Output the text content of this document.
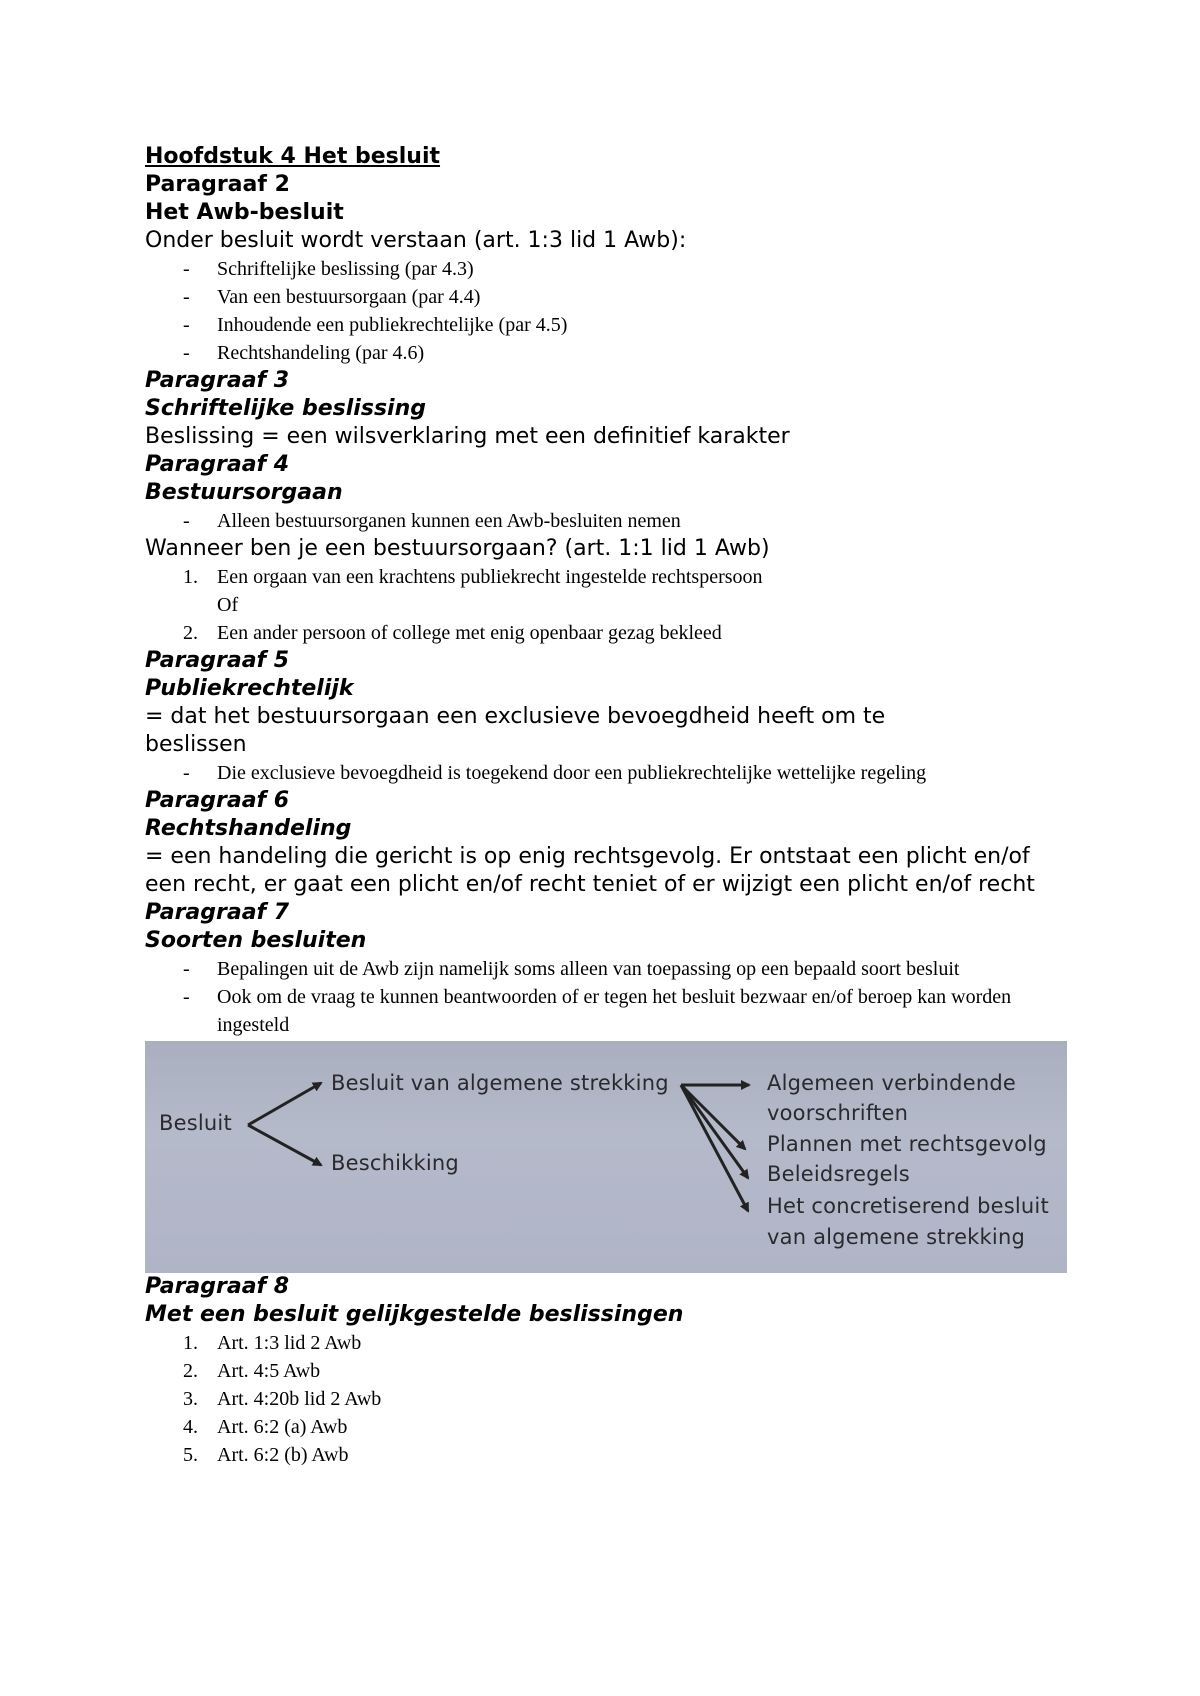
Hoofdstuk 4 Het besluit

Paragraaf 2

Het Awb-besluit

Onder besluit wordt verstaan (art. 1:3 lid 1 Awb):

- Schriftelijke beslissing (par 4.3)
- Van een bestuursorgaan (par 4.4)
- Inhoudende een publiekrechtelijke (par 4.5)
- Rechtshandeling (par 4.6)

Paragraaf 3

Schriftelijke beslissing

Beslissing = een wilsverklaring met een definitief karakter

Paragraaf 4

Bestuursorgaan

- Alleen bestuursorganen kunnen een Awb-besluiten nemen

Wanneer ben je een bestuursorgaan? (art. 1:1 lid 1 Awb)

1. Een orgaan van een krachtens publiekrecht ingestelde rechtspersoon
Of
2. Een ander persoon of college met enig openbaar gezag bekleed

Paragraaf 5

Publiekrechtelijk

= dat het bestuursorgaan een exclusieve bevoegdheid heeft om te beslissen

- Die exclusieve bevoegdheid is toegekend door een publiekrechtelijke wettelijke regeling

Paragraaf 6

Rechtshandeling

= een handeling die gericht is op enig rechtsgevolg. Er ontstaat een plicht en/of een recht, er gaat een plicht en/of recht teniet of er wijzigt een plicht en/of recht

Paragraaf 7

Soorten besluiten

- Bepalingen uit de Awb zijn namelijk soms alleen van toepassing op een bepaald soort besluit
- Ook om de vraag te kunnen beantwoorden of er tegen het besluit bezwaar en/of beroep kan worden ingesteld
Besluit
Besluit van algemene strekking
Beschikking
Algemeen verbindende
voorschriften
Plannen met rechtsgevolg
Beleidsregels
Het concretiserend besluit
van algemene strekking

Paragraaf 8

Met een besluit gelijkgestelde beslissingen

1. Art. 1:3 lid 2 Awb
2. Art. 4:5 Awb
3. Art. 4:20b lid 2 Awb
4. Art. 6:2 (a) Awb
5. Art. 6:2 (b) Awb
